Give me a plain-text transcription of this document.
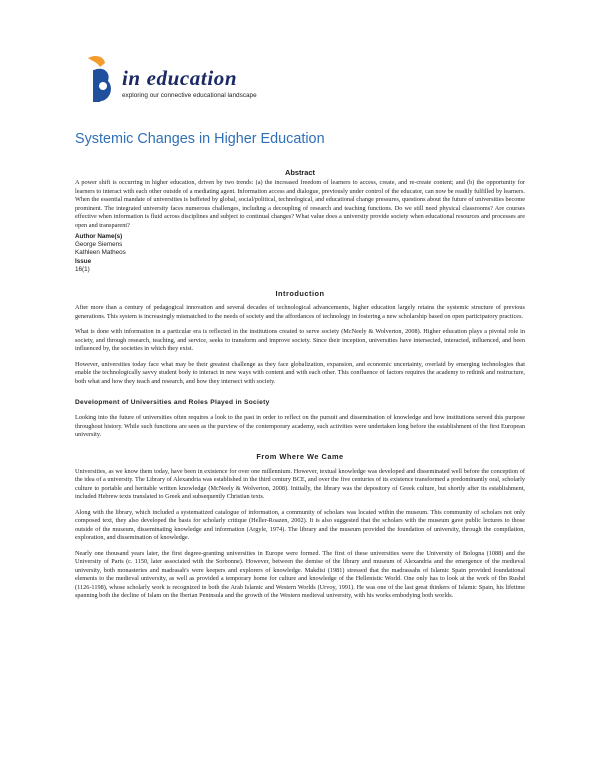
in education
exploring our connective educational landscape
Systemic Changes in Higher Education
Abstract

A power shift is occurring in higher education, driven by two trends: (a) the increased freedom of learners to access, create, and re-create content; and (b) the opportunity for learners to interact with each other outside of a mediating agent. Information access and dialogue, previously under control of the educator, can now be readily fulfilled by learners. When the essential mandate of universities is buffeted by global, social/political, technological, and educational change pressures, questions about the future of universities become prominent. The integrated university faces numerous challenges, including a decoupling of research and teaching functions. Do we still need physical classrooms? Are courses effective when information is fluid across disciplines and subject to continual changes? What value does a university provide society when educational resources and processes are open and transparent?

Author Name(s)
George Siemens
Kathleen Matheos
Issue
16(1)
Introduction

After more than a century of pedagogical innovation and several decades of technological advancements, higher education largely retains the systemic structure of previous generations. This system is increasingly mismatched to the needs of society and the affordances of technology in fostering a new scholarship based on open participatory practices.

What is done with information in a particular era is reflected in the institutions created to serve society (McNeely & Wolverton, 2008). Higher education plays a pivotal role in society, and through research, teaching, and service, seeks to transform and improve society. Since their inception, universities have intersected, interacted, influenced, and been influenced by, the societies in which they exist.

However, universities today face what may be their greatest challenge as they face globalization, expansion, and economic uncertainty, overlaid by emerging technologies that enable the technologically savvy student body to interact in new ways with content and with each other. This confluence of factors requires the academy to rethink and restructure, both what and how they teach and research, and how they intersect with society.

Development of Universities and Roles Played in Society

Looking into the future of universities often requires a look to the past in order to reflect on the pursuit and dissemination of knowledge and how institutions served this purpose throughout history. While such functions are seen as the purview of the contemporary academy, such activities were undertaken long before the establishment of the first European university.

From Where We Came

Universities, as we know them today, have been in existence for over one millennium. However, textual knowledge was developed and disseminated well before the conception of the idea of a university. The Library of Alexandria was established in the third century BCE, and over the five centuries of its existence transformed a predominantly oral, scholarly culture to portable and heritable written knowledge (McNeely & Wolverton, 2008). Initially, the library was the depository of Greek culture, but shortly after its establishment, included Hebrew texts translated to Greek and subsequently Christian texts.

Along with the library, which included a systematized catalogue of information, a community of scholars was located within the museum. This community of scholars not only composed text, they also developed the basis for scholarly critique (Heller-Roazen, 2002). It is also suggested that the scholars with the museum gave public lectures to those outside of the museum, disseminating knowledge and information (Argyle, 1974). The library and the museum provided the foundation of university, through the compilation, exploration, and dissemination of knowledge.

Nearly one thousand years later, the first degree-granting universities in Europe were formed. The first of these universities were the University of Bologna (1088) and the University of Paris (c. 1150, later associated with the Sorbonne). However, between the demise of the library and museum of Alexandria and the emergence of the medieval university, both monasteries and madrasah's were keepers and explorers of knowledge. Makdisi (1981) stressed that the madrassahs of Islamic Spain provided foundational elements to the medieval university, as well as provided a temporary home for culture and knowledge of the Hellenistic World. One only has to look at the work of Ibn Rushd (1126-1198), whose scholarly work is recognized in both the Arab Islamic and Western Worlds (Urvoy, 1991). He was one of the last great thinkers of Islamic Spain, his lifetime spanning both the decline of Islam on the Iberian Peninsula and the growth of the Western medieval university, with his works embodying both worlds.
